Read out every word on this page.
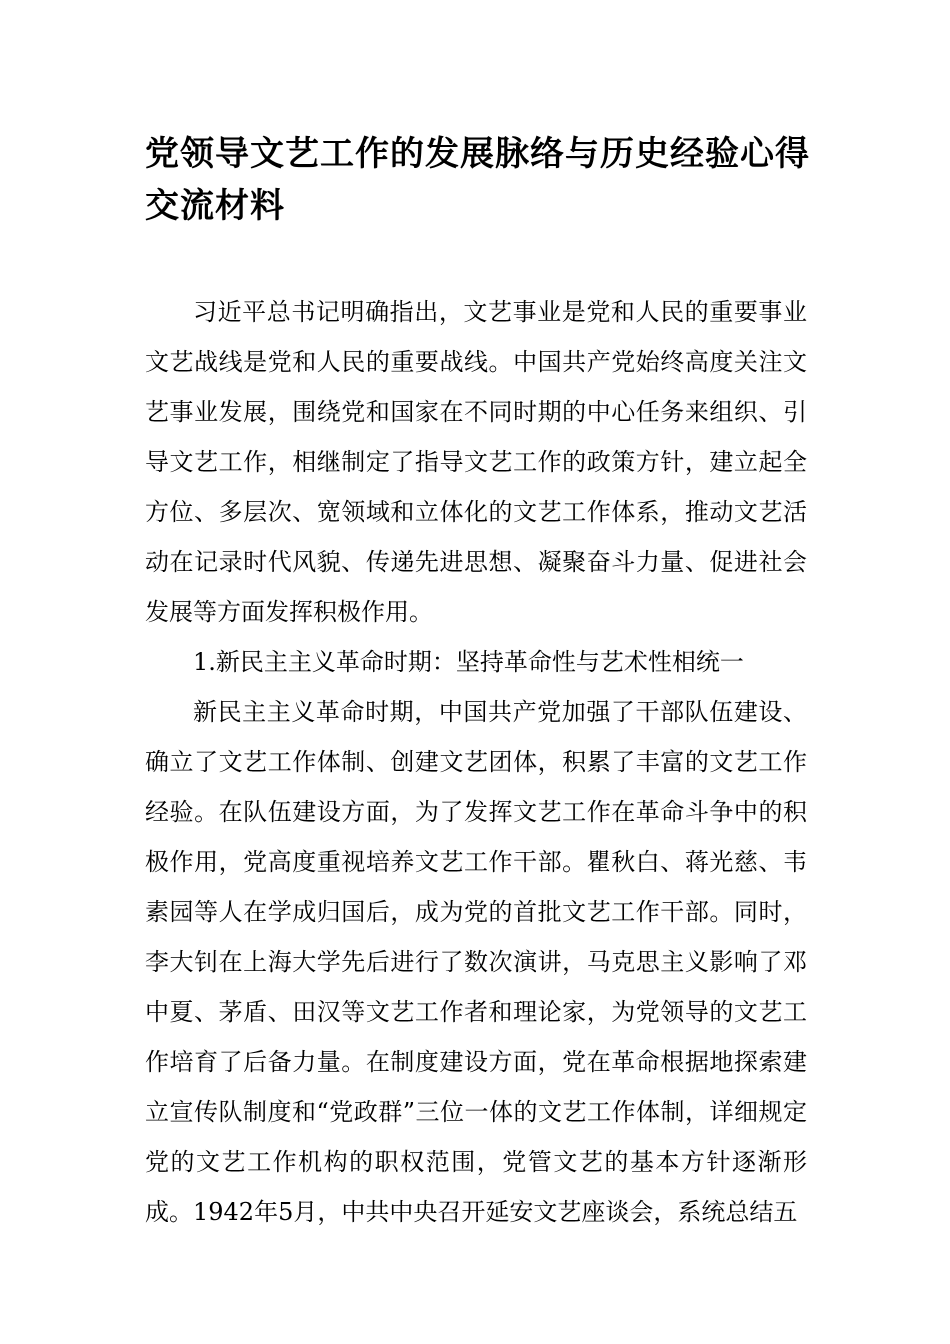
党领导文艺工作的发展脉络与历史经验心得交流材料

习近平总书记明确指出，文艺事业是党和人民的重要事业文艺战线是党和人民的重要战线。中国共产党始终高度关注文艺事业发展，围绕党和国家在不同时期的中心任务来组织、引导文艺工作，相继制定了指导文艺工作的政策方针，建立起全方位、多层次、宽领域和立体化的文艺工作体系，推动文艺活动在记录时代风貌、传递先进思想、凝聚奋斗力量、促进社会发展等方面发挥积极作用。

1.新民主主义革命时期：坚持革命性与艺术性相统一

新民主主义革命时期，中国共产党加强了干部队伍建设、确立了文艺工作体制、创建文艺团体，积累了丰富的文艺工作经验。在队伍建设方面，为了发挥文艺工作在革命斗争中的积极作用，党高度重视培养文艺工作干部。瞿秋白、蒋光慈、韦素园等人在学成归国后，成为党的首批文艺工作干部。同时，李大钊在上海大学先后进行了数次演讲，马克思主义影响了邓中夏、茅盾、田汉等文艺工作者和理论家，为党领导的文艺工作培育了后备力量。在制度建设方面，党在革命根据地探索建立宣传队制度和“党政群”三位一体的文艺工作体制，详细规定党的文艺工作机构的职权范围，党管文艺的基本方针逐渐形成。1942年5月，中共中央召开延安文艺座谈会，系统总结五
